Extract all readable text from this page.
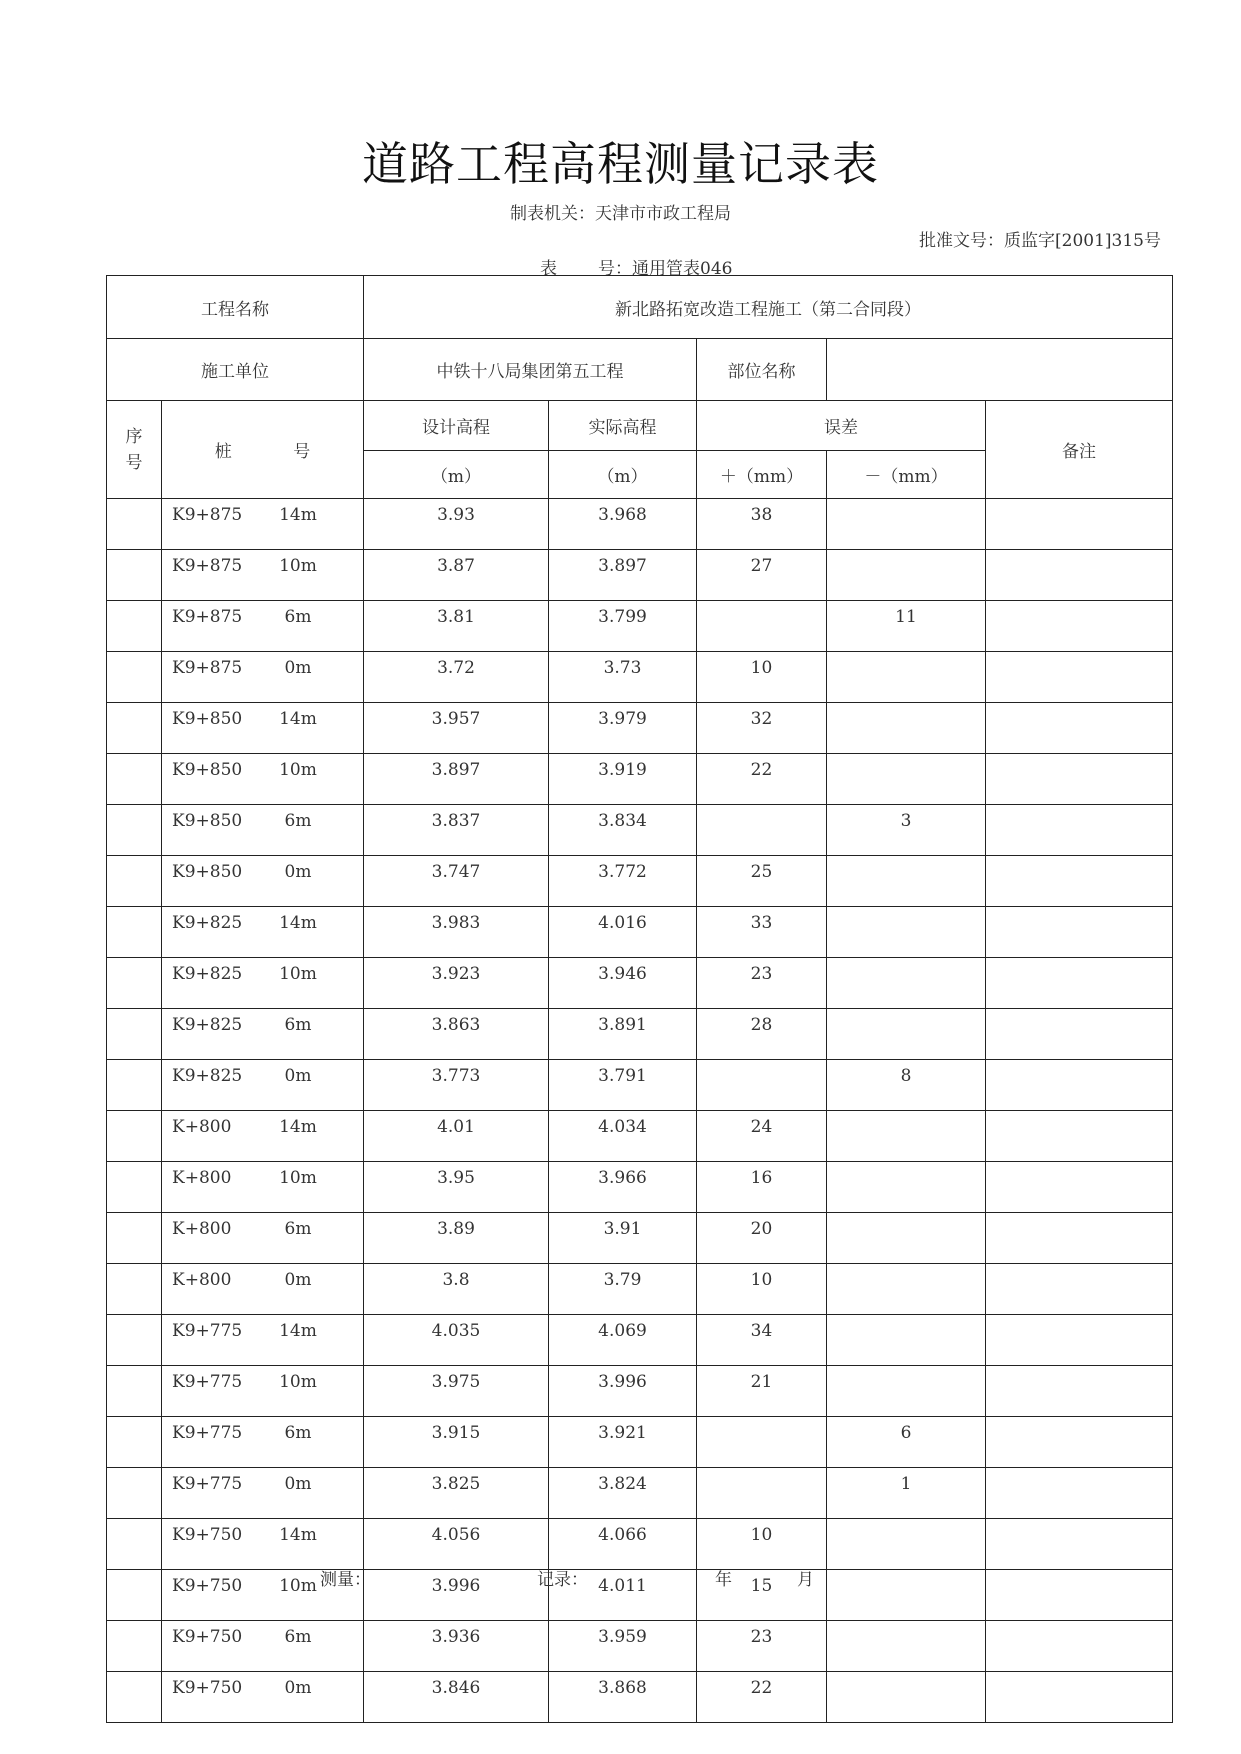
道路工程高程测量记录表
制表机关：天津市市政工程局
批准文号：质监字[2001]315号
表 号：通用管表046
工程名称		新北路拓宽改造工程施工（第二合同段）				
施工单位		中铁十八局集团第五工程		部位名称		

序
号	桩 号	设计高程	实际高程	误差		备注
		（m）	（m）	＋（mm）	－（mm）	

	K9+875 14m	3.93	3.968	38		

	K9+875 10m	3.87	3.897	27		

	K9+875 6m	3.81	3.799		11	

	K9+875 0m	3.72	3.73	10		

	K9+850 14m	3.957	3.979	32		

	K9+850 10m	3.897	3.919	22		

	K9+850 6m	3.837	3.834		3	

	K9+850 0m	3.747	3.772	25		

	K9+825 14m	3.983	4.016	33		

	K9+825 10m	3.923	3.946	23		

	K9+825 6m	3.863	3.891	28		

	K9+825 0m	3.773	3.791		8	

	K+800 14m	4.01	4.034	24		

	K+800 10m	3.95	3.966	16		

	K+800 6m	3.89	3.91	20		

	K+800 0m	3.8	3.79	10		

	K9+775 14m	4.035	4.069	34		

	K9+775 10m	3.975	3.996	21		

	K9+775 6m	3.915	3.921		6	

	K9+775 0m	3.825	3.824		1	

	K9+750 14m	4.056	4.066	10		

	K9+750 10m	3.996	4.011	15		

	K9+750 6m	3.936	3.959	23		

	K9+750 0m	3.846	3.868	22		
测量：	记录：	年	月
